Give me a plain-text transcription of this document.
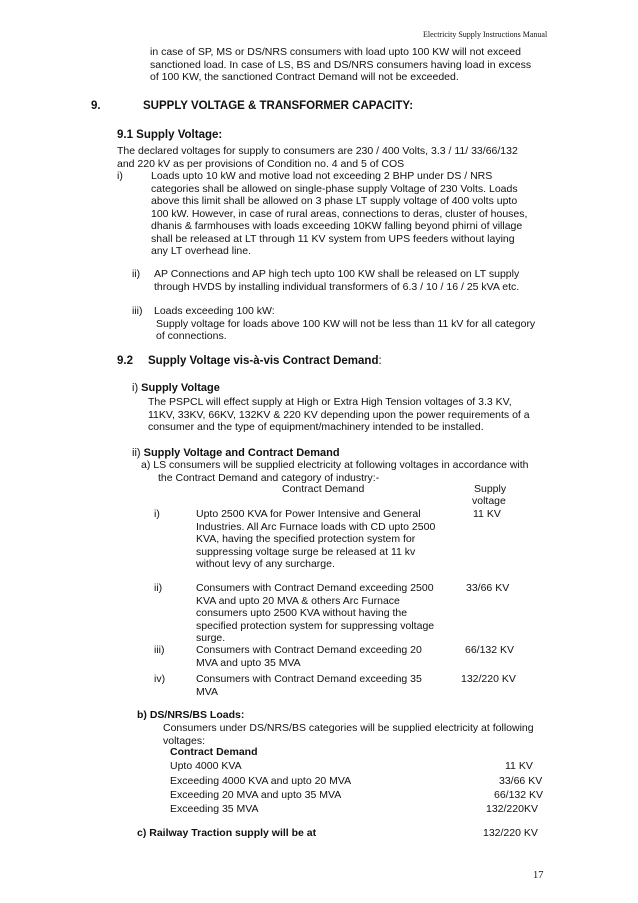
Electricity Supply Instructions Manual
in case of SP, MS or DS/NRS consumers with load upto 100 KW will not exceed
sanctioned load. In case of LS, BS and DS/NRS consumers having load in excess
of 100 KW, the sanctioned Contract Demand will not be exceeded.
9.	SUPPLY VOLTAGE & TRANSFORMER CAPACITY:
9.1 Supply Voltage:
The declared voltages for supply to consumers are 230 / 400 Volts, 3.3 / 11/ 33/66/132
and 220 kV as per provisions of Condition no. 4 and 5 of COS
i)	Loads upto 10 kW and motive load not exceeding 2 BHP under DS / NRS
categories shall be allowed on single-phase supply Voltage of 230 Volts. Loads
above this limit shall be allowed on 3 phase LT supply voltage of 400 volts upto
100 kW. However, in case of rural areas, connections to deras, cluster of houses,
dhanis & farmhouses with loads exceeding 10KW falling beyond phirni of village
shall be released at LT through 11 KV system from UPS feeders without laying
any LT overhead line.
ii) AP Connections and AP high tech upto 100 KW shall be released on LT supply
through HVDS by installing individual transformers of 6.3 / 10 / 16 / 25 kVA etc.
iii) Loads exceeding 100 kW:
Supply voltage for loads above 100 KW will not be less than 11 kV for all category
of connections.
9.2 Supply Voltage vis-à-vis Contract Demand:
i) Supply Voltage
The PSPCL will effect supply at High or Extra High Tension voltages of 3.3 KV,
11KV, 33KV, 66KV, 132KV & 220 KV depending upon the power requirements of a
consumer and the type of equipment/machinery intended to be installed.
ii) Supply Voltage and Contract Demand
a) LS consumers will be supplied electricity at following voltages in accordance with
the Contract Demand and category of industry:-
Contract Demand	Supply
voltage
i)	Upto 2500 KVA for Power Intensive and General
Industries. All Arc Furnace loads with CD upto 2500
KVA, having the specified protection system for
suppressing voltage surge be released at 11 kv
without levy of any surcharge.
11 KV
ii)	Consumers with Contract Demand exceeding 2500
KVA and upto 20 MVA & others Arc Furnace
consumers upto 2500 KVA without having the
specified protection system for suppressing voltage
surge.
33/66 KV
iii)	Consumers with Contract Demand exceeding 20
MVA and upto 35 MVA
66/132 KV
iv)	Consumers with Contract Demand exceeding 35
MVA
132/220 KV
b) DS/NRS/BS Loads:
Consumers under DS/NRS/BS categories will be supplied electricity at following
voltages:
Contract Demand
Upto 4000 KVA	11 KV
Exceeding 4000 KVA and upto 20 MVA	33/66 KV
Exceeding 20 MVA and upto 35 MVA	66/132 KV
Exceeding 35 MVA	132/220KV
c) Railway Traction supply will be at	132/220 KV
17
